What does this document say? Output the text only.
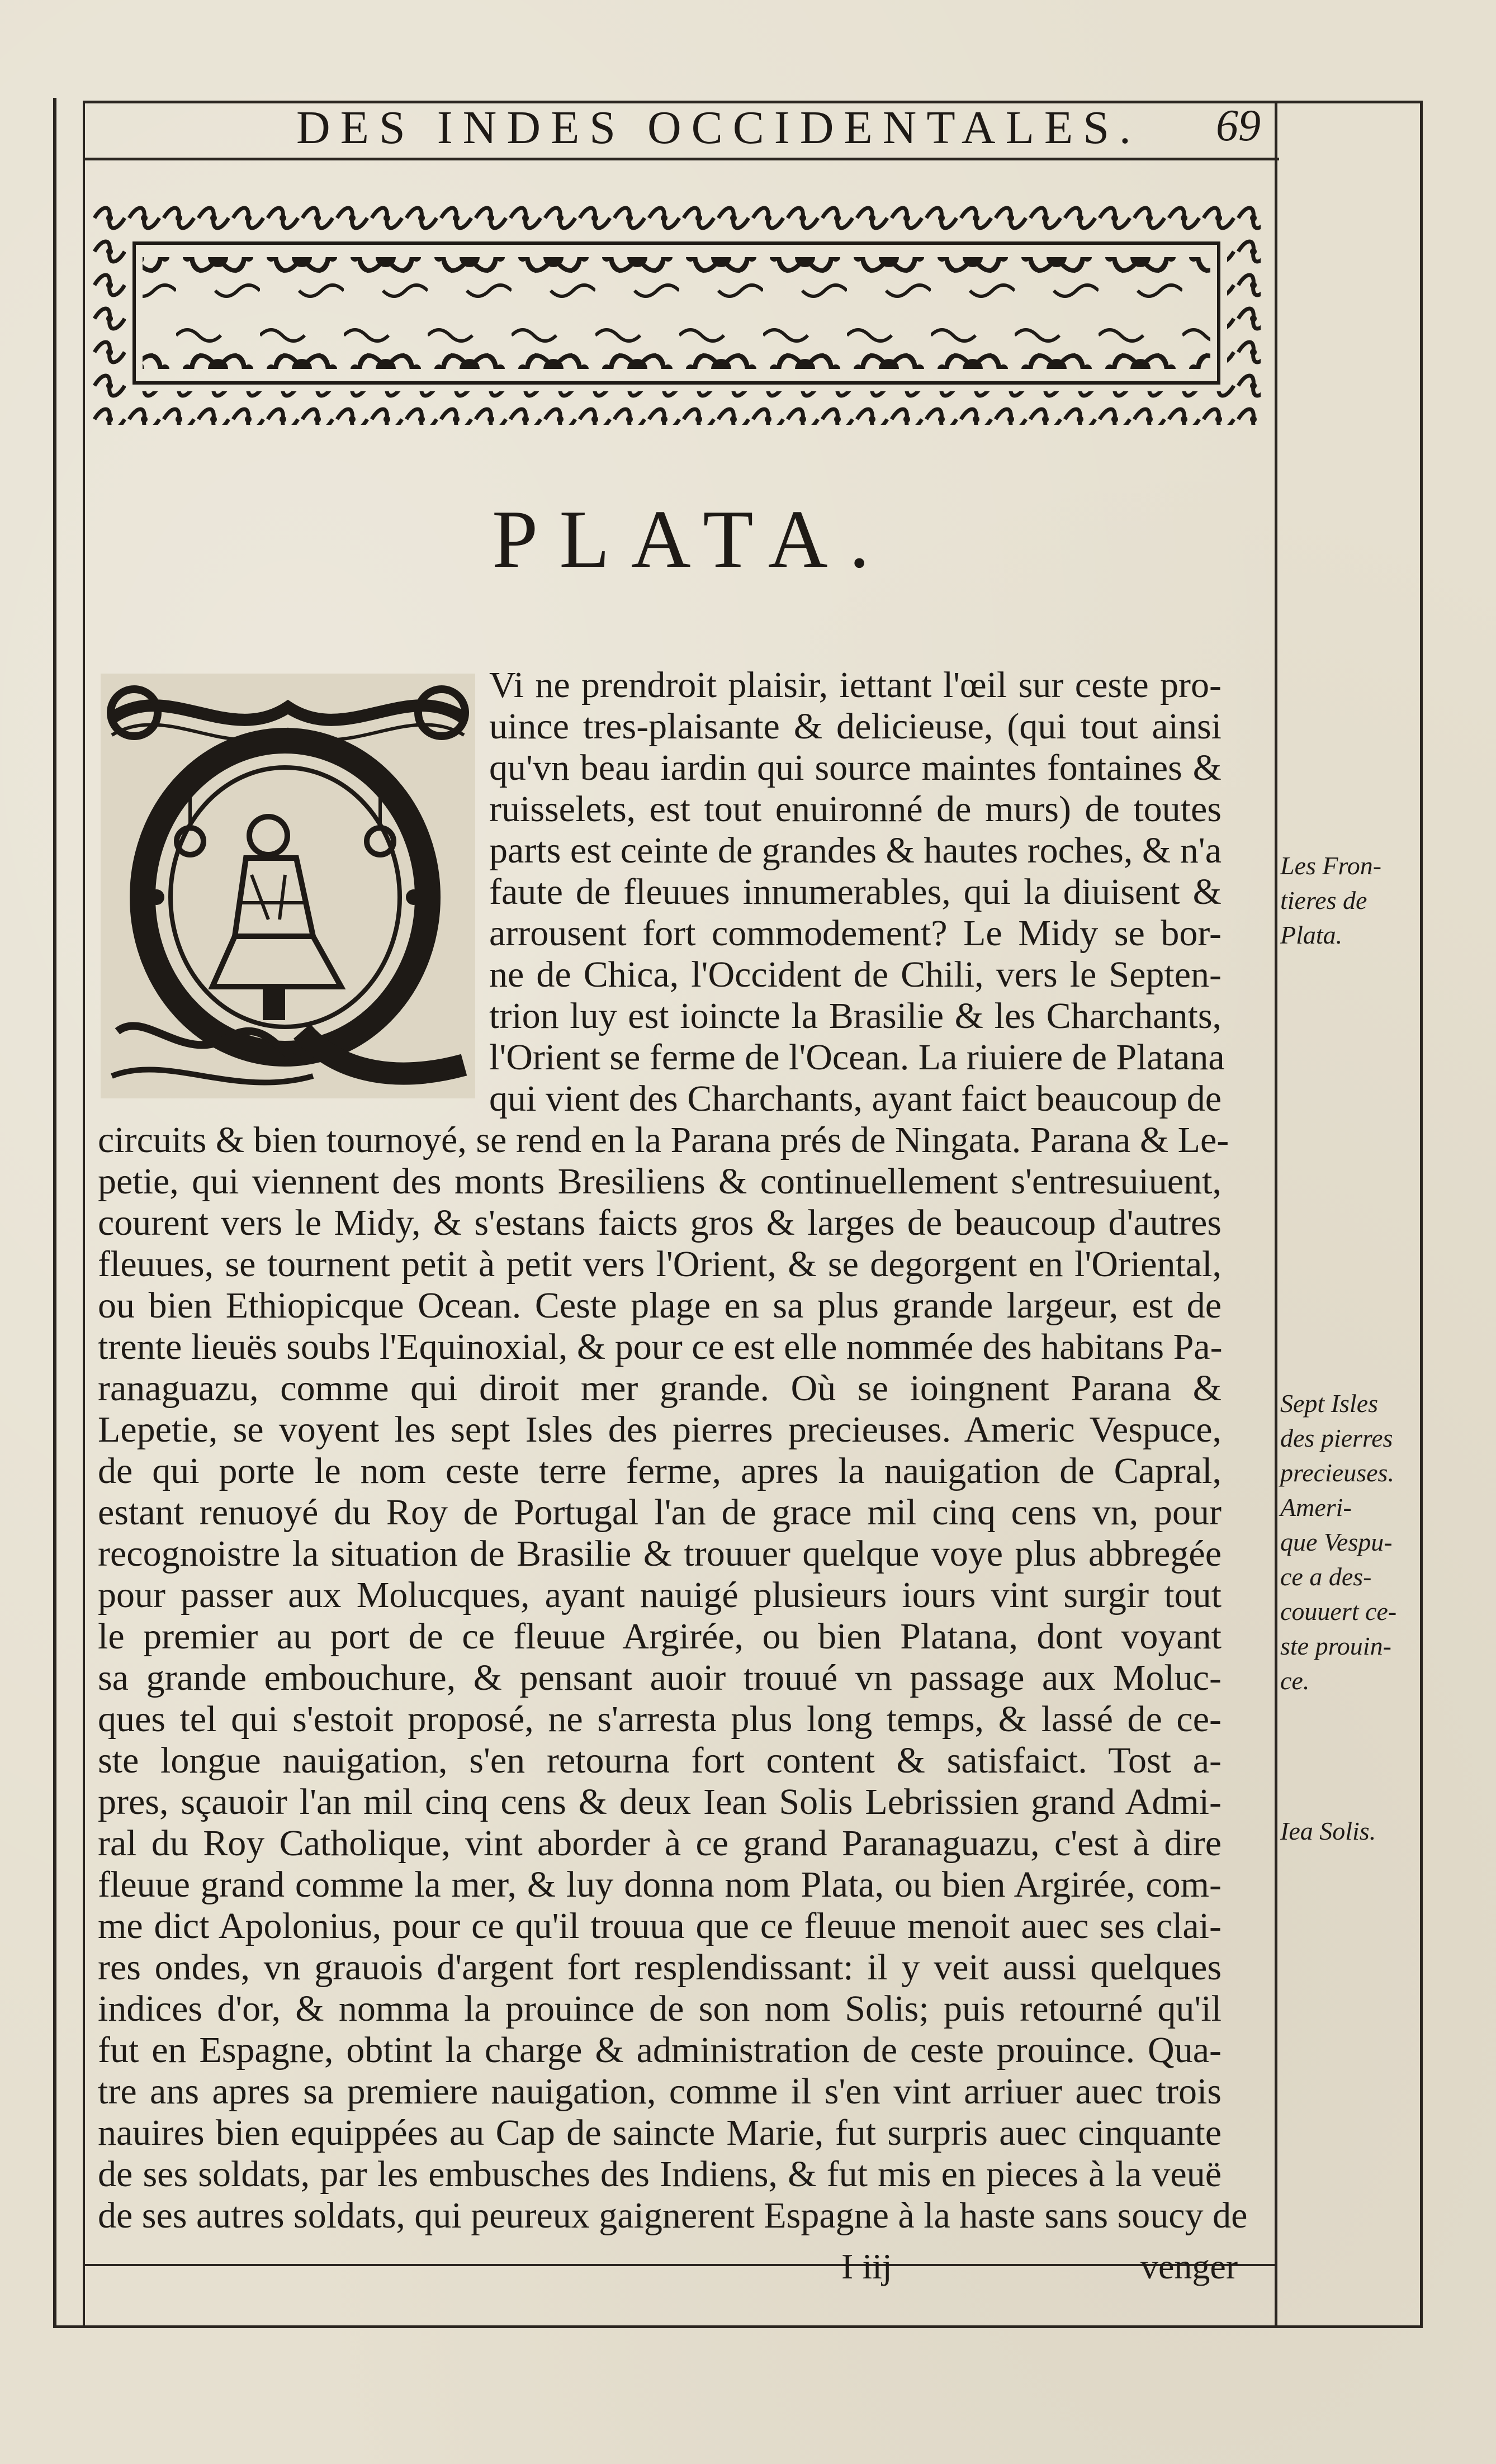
DES INDES OCCIDENTALES. 69
PLATA.
Vi ne prendroit plaisir, iettant l'œil sur ceste pro-
uince tres-plaisante & delicieuse, (qui tout ainsi
qu'vn beau iardin qui source maintes fontaines &
ruisselets, est tout enuironné de murs) de toutes
parts est ceinte de grandes & hautes roches, & n'a
faute de fleuues innumerables, qui la diuisent &
arrousent fort commodement? Le Midy se bor-
ne de Chica, l'Occident de Chili, vers le Septen-
trion luy est ioincte la Brasilie & les Charchants,
l'Orient se ferme de l'Ocean. La riuiere de Platana
qui vient des Charchants, ayant faict beaucoup de
circuits & bien tournoyé, se rend en la Parana prés de Ningata. Parana & Le-
petie, qui viennent des monts Bresiliens & continuellement s'entresuiuent,
courent vers le Midy, & s'estans faicts gros & larges de beaucoup d'autres
fleuues, se tournent petit à petit vers l'Orient, & se degorgent en l'Oriental,
ou bien Ethiopicque Ocean. Ceste plage en sa plus grande largeur, est de
trente lieuës soubs l'Equinoxial, & pour ce est elle nommée des habitans Pa-
ranaguazu, comme qui diroit mer grande. Où se ioingnent Parana &
Lepetie, se voyent les sept Isles des pierres precieuses. Americ Vespuce,
de qui porte le nom ceste terre ferme, apres la nauigation de Capral,
estant renuoyé du Roy de Portugal l'an de grace mil cinq cens vn, pour
recognoistre la situation de Brasilie & trouuer quelque voye plus abbregée
pour passer aux Molucques, ayant nauigé plusieurs iours vint surgir tout
le premier au port de ce fleuue Argirée, ou bien Platana, dont voyant
sa grande embouchure, & pensant auoir trouué vn passage aux Moluc-
ques tel qui s'estoit proposé, ne s'arresta plus long temps, & lassé de ce-
ste longue nauigation, s'en retourna fort content & satisfaict. Tost a-
pres, sçauoir l'an mil cinq cens & deux Iean Solis Lebrissien grand Admi-
ral du Roy Catholique, vint aborder à ce grand Paranaguazu, c'est à dire
fleuue grand comme la mer, & luy donna nom Plata, ou bien Argirée, com-
me dict Apolonius, pour ce qu'il trouua que ce fleuue menoit auec ses clai-
res ondes, vn grauois d'argent fort resplendissant: il y veit aussi quelques
indices d'or, & nomma la prouince de son nom Solis; puis retourné qu'il
fut en Espagne, obtint la charge & administration de ceste prouince. Qua-
tre ans apres sa premiere nauigation, comme il s'en vint arriuer auec trois
nauires bien equippées au Cap de saincte Marie, fut surpris auec cinquante
de ses soldats, par les embusches des Indiens, & fut mis en pieces à la veuë
de ses autres soldats, qui peureux gaignerent Espagne à la haste sans soucy de
Les Fron-
tieres de
Plata.
Sept Isles
des pierres
precieuses.
Ameri-
que Vespu-
ce a des-
couuert ce-
ste prouin-
ce.
Iea Solis.
I iij	venger
